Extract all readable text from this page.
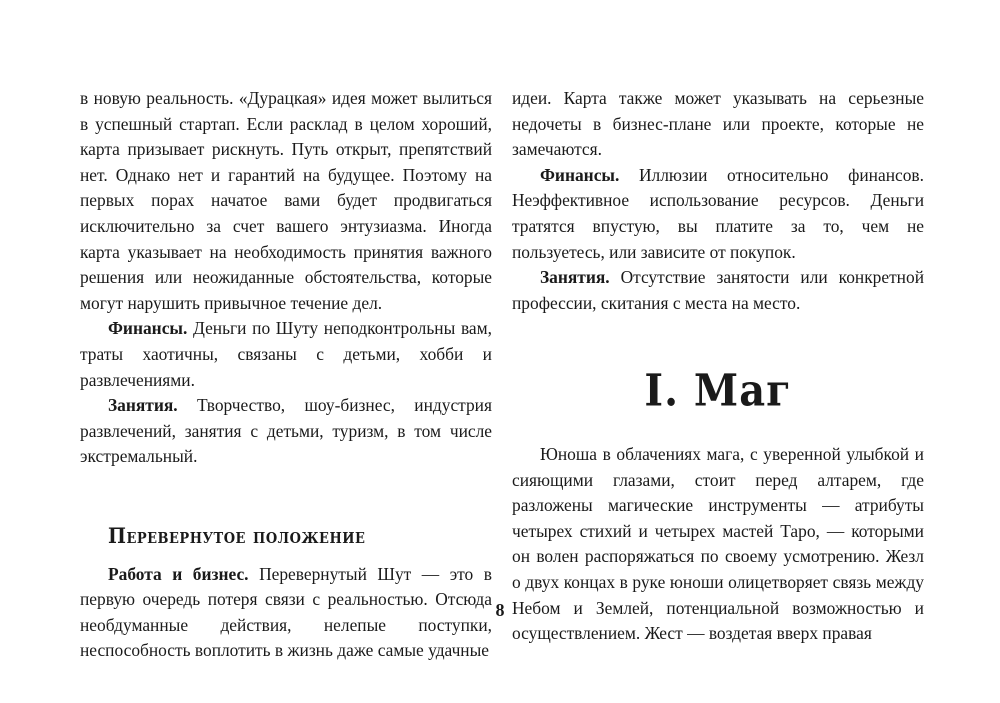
в новую реальность. «Дурацкая» идея может вылиться в успешный стартап. Если расклад в целом хороший, карта призывает рискнуть. Путь открыт, препятствий нет. Однако нет и гарантий на будущее. Поэтому на первых порах начатое вами будет продвигаться исключительно за счет вашего энтузиазма. Иногда карта указывает на необходимость принятия важного решения или неожиданные обстоятельства, которые могут нарушить привычное течение дел.

Финансы. Деньги по Шуту неподконтрольны вам, траты хаотичны, связаны с детьми, хобби и развлечениями.

Занятия. Творчество, шоу-бизнес, индустрия развлечений, занятия с детьми, туризм, в том числе экстремальный.

Перевернутое положение

Работа и бизнес. Перевернутый Шут — это в первую очередь потеря связи с реальностью. Отсюда необдуманные действия, нелепые поступки, неспособность воплотить в жизнь даже самые удачные

идеи. Карта также может указывать на серьезные недочеты в бизнес-плане или проекте, которые не замечаются.

Финансы. Иллюзии относительно финансов. Неэффективное использование ресурсов. Деньги тратятся впустую, вы платите за то, чем не пользуетесь, или зависите от покупок.

Занятия. Отсутствие занятости или конкретной профессии, скитания с места на место.

I. Маг

Юноша в облачениях мага, с уверенной улыбкой и сияющими глазами, стоит перед алтарем, где разложены магические инструменты — атрибуты четырех стихий и четырех мастей Таро, — которыми он волен распоряжаться по своему усмотрению. Жезл о двух концах в руке юноши олицетворяет связь между Небом и Землей, потенциальной возможностью и осуществлением. Жест — воздетая вверх правая

8
